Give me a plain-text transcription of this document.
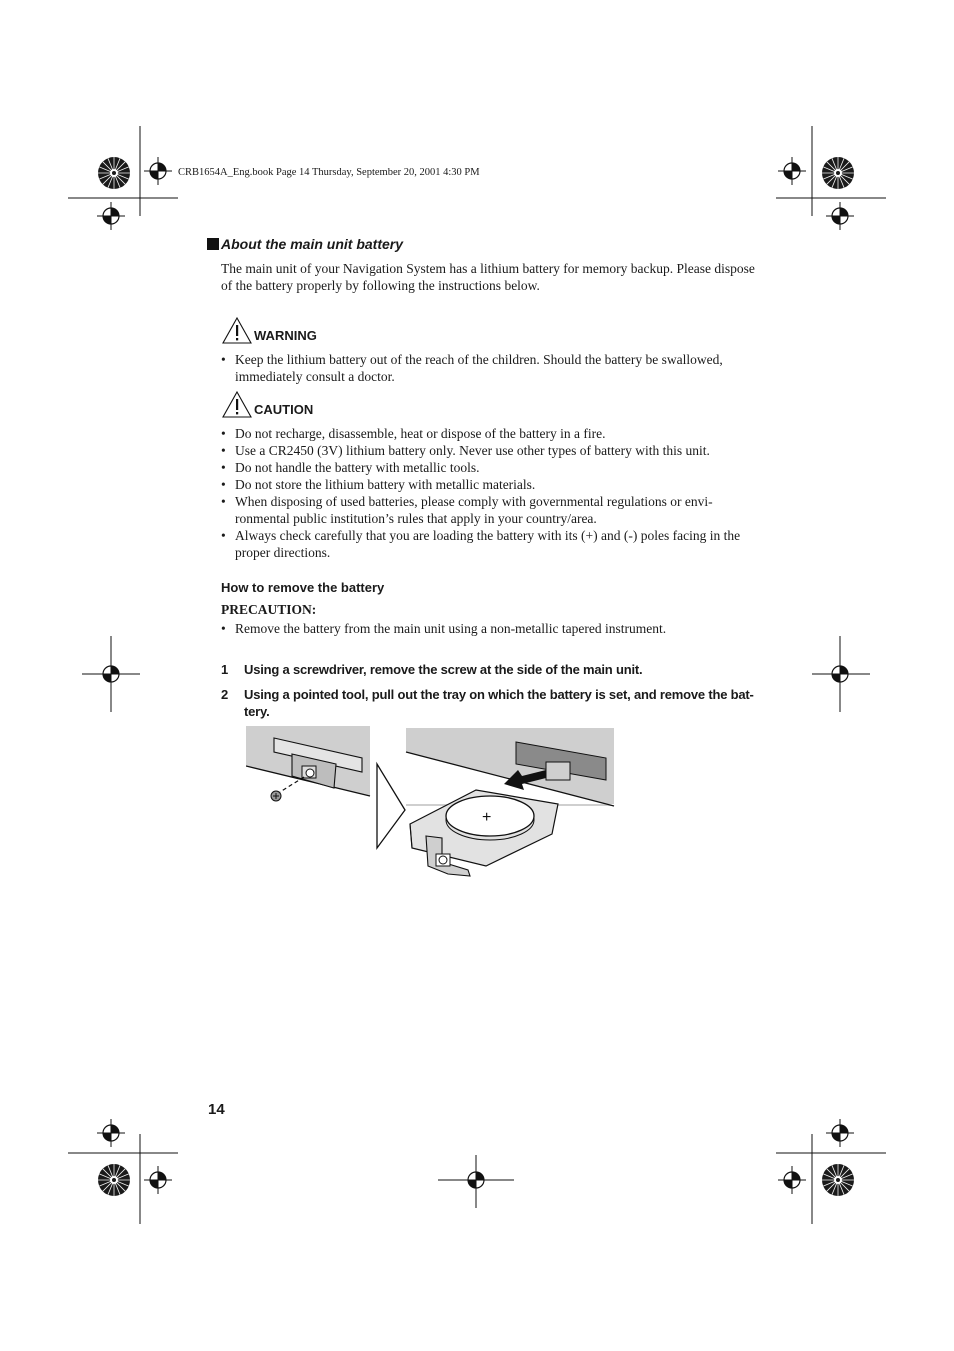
CRB1654A_Eng.book Page 14 Thursday, September 20, 2001 4:30 PM
About the main unit battery
The main unit of your Navigation System has a lithium battery for memory backup. Please dispose of the battery properly by following the instructions below.
WARNING
• Keep the lithium battery out of the reach of the children. Should the battery be swallowed, immediately consult a doctor.
CAUTION
• Do not recharge, disassemble, heat or dispose of the battery in a fire.
• Use a CR2450 (3V) lithium battery only. Never use other types of battery with this unit.
• Do not handle the battery with metallic tools.
• Do not store the lithium battery with metallic materials.
• When disposing of used batteries, please comply with governmental regulations or envi- ronmental public institution’s rules that apply in your country/area.
• Always check carefully that you are loading the battery with its (+) and (-) poles facing in the proper directions.
How to remove the battery
PRECAUTION:
• Remove the battery from the main unit using a non-metallic tapered instrument.
1 Using a screwdriver, remove the screw at the side of the main unit.
2 Using a pointed tool, pull out the tray on which the battery is set, and remove the bat- tery.
+
14
